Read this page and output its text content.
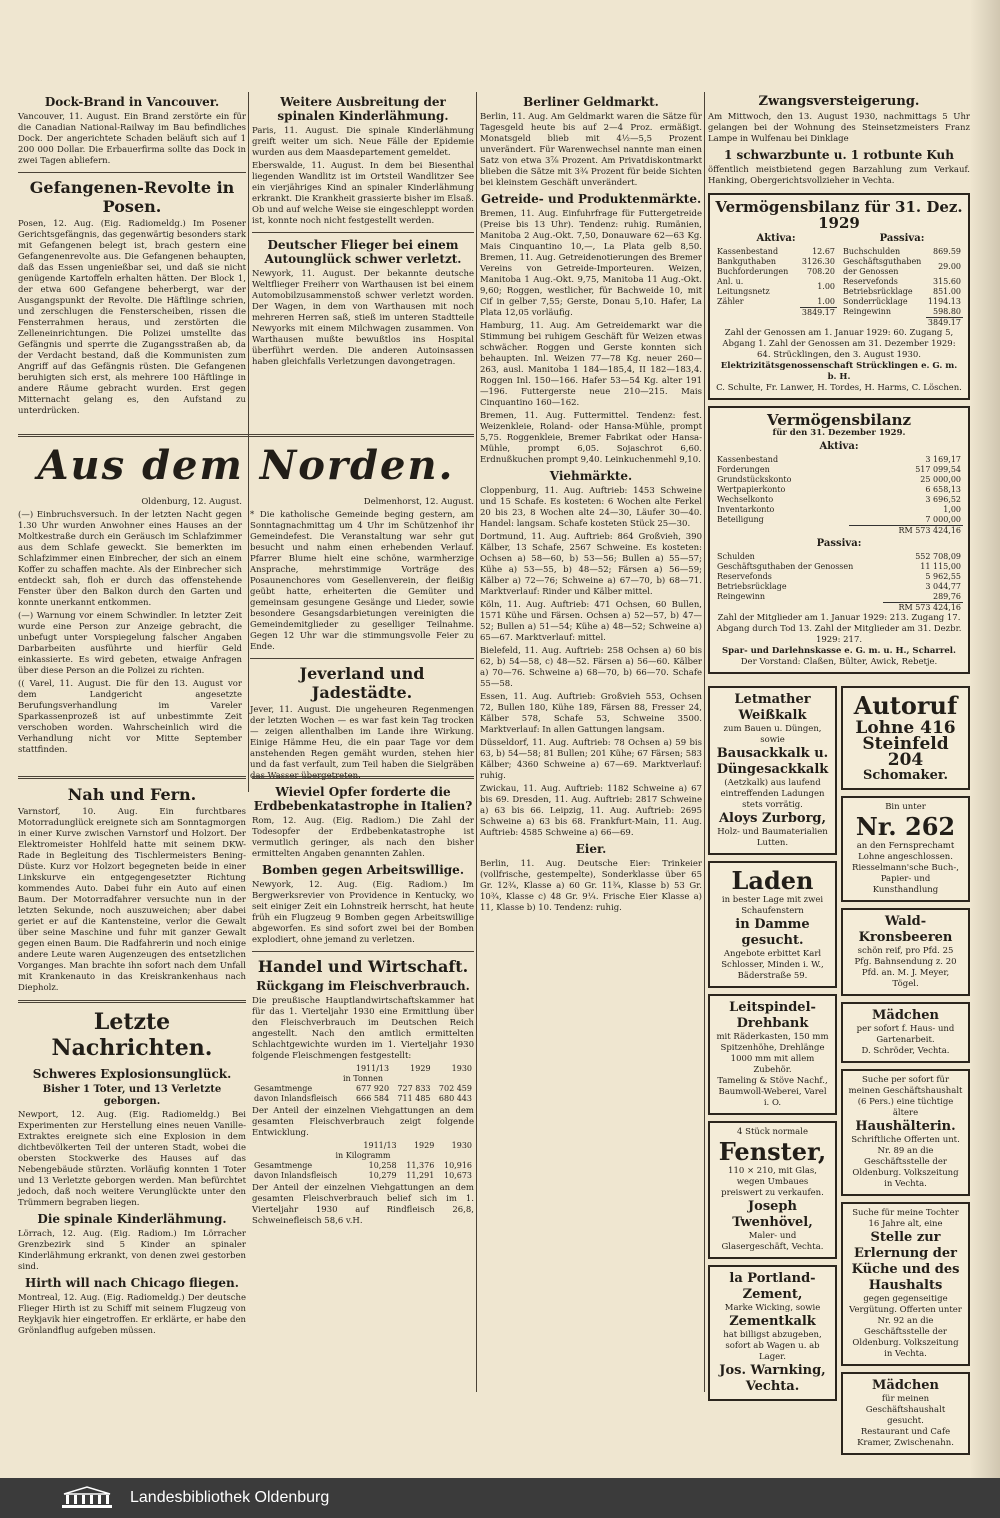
Dock-Brand in Vancouver.
Vancouver, 11. August. Ein Brand zerstörte ein für die Canadian National-Railway im Bau befindliches Dock. Der angerichtete Schaden beläuft sich auf 1 200 000 Dollar. Die Erbauerfirma sollte das Dock in zwei Tagen abliefern.
Gefangenen-Revolte in Posen.
Posen, 12. Aug. (Eig. Radiomeldg.) Im Posener Gerichtsgefängnis, das gegenwärtig besonders stark mit Gefangenen belegt ist, brach gestern eine Gefangenenrevolte aus. Die Gefangenen behaupten, daß das Essen ungenießbar sei, und daß sie nicht genügende Kartoffeln erhalten hätten. Der Block 1, der etwa 600 Gefangene beherbergt, war der Ausgangspunkt der Revolte. Die Häftlinge schrien, und zerschlugen die Fensterscheiben, rissen die Fensterrahmen heraus, und zerstörten die Zelleneinrichtungen. Die Polizei umstellte das Gefängnis und sperrte die Zugangsstraßen ab, da der Verdacht bestand, daß die Kommunisten zum Angriff auf das Gefängnis rüsten. Die Gefangenen beruhigten sich erst, als mehrere 100 Häftlinge in andere Räume gebracht wurden. Erst gegen Mitternacht gelang es, den Aufstand zu unterdrücken.
Weitere Ausbreitung der spinalen Kinderlähmung.
Paris, 11. August. Die spinale Kinderlähmung greift weiter um sich. Neue Fälle der Epidemie wurden aus dem Maasdepartement gemeldet.
Eberswalde, 11. August. In dem bei Biesenthal liegenden Wandlitz ist im Ortsteil Wandlitzer See ein vierjähriges Kind an spinaler Kinderlähmung erkrankt. Die Krankheit grassierte bisher im Elsaß. Ob und auf welche Weise sie eingeschleppt worden ist, konnte noch nicht festgestellt werden.
Deutscher Flieger bei einem Autounglück schwer verletzt.
Newyork, 11. August. Der bekannte deutsche Weltflieger Freiherr von Warthausen ist bei einem Automobilzusammenstoß schwer verletzt worden. Der Wagen, in dem von Warthausen mit noch mehreren Herren saß, stieß im unteren Stadtteile Newyorks mit einem Milchwagen zusammen. Von Warthausen mußte bewußtlos ins Hospital überführt werden. Die anderen Autoinsassen haben gleichfalls Verletzungen davongetragen.
Aus dem Norden.
Oldenburg, 12. August.
(—) Einbruchsversuch. In der letzten Nacht gegen 1.30 Uhr wurden Anwohner eines Hauses an der Moltkestraße durch ein Geräusch im Schlafzimmer aus dem Schlafe geweckt. Sie bemerkten im Schlafzimmer einen Einbrecher, der sich an einem Koffer zu schaffen machte. Als der Einbrecher sich entdeckt sah, floh er durch das offenstehende Fenster über den Balkon durch den Garten und konnte unerkannt entkommen.
(—) Warnung vor einem Schwindler. In letzter Zeit wurde eine Person zur Anzeige gebracht, die unbefugt unter Vorspiegelung falscher Angaben Darbarbeiten ausführte und hierfür Geld einkassierte. Es wird gebeten, etwaige Anfragen über diese Person an die Polizei zu richten.
(( Varel, 11. August. Die für den 13. August vor dem Landgericht angesetzte Berufungsverhandlung im Vareler Sparkassenprozeß ist auf unbestimmte Zeit verschoben worden. Wahrscheinlich wird die Verhandlung nicht vor Mitte September stattfinden.
Delmenhorst, 12. August.
* Die katholische Gemeinde beging gestern, am Sonntagnachmittag um 4 Uhr im Schützenhof ihr Gemeindefest. Die Veranstaltung war sehr gut besucht und nahm einen erhebenden Verlauf. Pfarrer Blume hielt eine schöne, warmherzige Ansprache, mehrstimmige Vorträge des Posaunenchores vom Gesellenverein, der fleißig geübt hatte, erheiterten die Gemüter und gemeinsam gesungene Gesänge und Lieder, sowie besondere Gesangsdarbietungen vereinigten die Gemeindemitglieder zu geselliger Teilnahme. Gegen 12 Uhr war die stimmungsvolle Feier zu Ende.
Jeverland und Jadestädte.
Jever, 11. August. Die ungeheuren Regenmengen der letzten Wochen — es war fast kein Tag trocken — zeigen allenthalben im Lande ihre Wirkung. Einige Hämme Heu, die ein paar Tage vor dem anstehenden Regen gemäht wurden, stehen hier und da fast verfault, zum Teil haben die Sielgräben das Wasser übergetreten.
Nah und Fern.
Varnstorf, 10. Aug. Ein furchtbares Motorradunglück ereignete sich am Sonntagmorgen in einer Kurve zwischen Varnstorf und Holzort. Der Elektromeister Hohlfeld hatte mit seinem DKW-Rade in Begleitung des Tischlermeisters Bening-Düste. Kurz vor Holzort begegneten beide in einer Linkskurve ein entgegengesetzter Richtung kommendes Auto. Dabei fuhr ein Auto auf einen Baum. Der Motorradfahrer versuchte nun in der letzten Sekunde, noch auszuweichen; aber dabei geriet er auf die Kantensteine, verlor die Gewalt über seine Maschine und fuhr mit ganzer Gewalt gegen einen Baum. Die Radfahrerin und noch einige andere Leute waren Augenzeugen des entsetzlichen Vorganges. Man brachte ihn sofort nach dem Unfall mit Krankenauto in das Kreiskrankenhaus nach Diepholz.
Letzte Nachrichten.
Schweres Explosionsunglück.
Bisher 1 Toter, und 13 Verletzte geborgen.
Newport, 12. Aug. (Eig. Radiomeldg.) Bei Experimenten zur Herstellung eines neuen Vanille-Extraktes ereignete sich eine Explosion in dem dichtbevölkerten Teil der unteren Stadt, wobei die obersten Stockwerke des Hauses auf das Nebengebäude stürzten. Vorläufig konnten 1 Toter und 13 Verletzte geborgen werden. Man befürchtet jedoch, daß noch weitere Verunglückte unter den Trümmern begraben liegen.
Die spinale Kinderlähmung.
Lörrach, 12. Aug. (Eig. Radiom.) Im Lörracher Grenzbezirk sind 5 Kinder an spinaler Kinderlähmung erkrankt, von denen zwei gestorben sind.
Hirth will nach Chicago fliegen.
Montreal, 12. Aug. (Eig. Radiomeldg.) Der deutsche Flieger Hirth ist zu Schiff mit seinem Flugzeug von Reykjavik hier eingetroffen. Er erklärte, er habe den Grönlandflug aufgeben müssen.
Wieviel Opfer forderte die Erdbebenkatastrophe in Italien?
Rom, 12. Aug. (Eig. Radiom.) Die Zahl der Todesopfer der Erdbebenkatastrophe ist vermutlich geringer, als nach den bisher ermittelten Angaben genannten Zahlen.
Bomben gegen Arbeitswillige.
Newyork, 12. Aug. (Eig. Radiom.) Im Bergwerksrevier von Providence in Kentucky, wo seit einiger Zeit ein Lohnstreik herrscht, hat heute früh ein Flugzeug 9 Bomben gegen Arbeitswillige abgeworfen. Es sind sofort zwei bei der Bomben explodiert, ohne jemand zu verletzen.
Handel und Wirtschaft.
Rückgang im Fleischverbrauch.
Die preußische Hauptlandwirtschaftskammer hat für das 1. Vierteljahr 1930 eine Ermittlung über den Fleischverbrauch im Deutschen Reich angestellt. Nach den amtlich ermittelten Schlachtgewichte wurden im 1. Vierteljahr 1930 folgende Fleischmengen festgestellt:
	1911/13	1929	1930
in Tonnen			
Gesamtmenge	677 920	727 833	702 459
davon Inlandsfleisch	666 584	711 485	680 443
Der Anteil der einzelnen Viehgattungen an dem gesamten Fleischverbrauch zeigt folgende Entwicklung.
	1911/13	1929	1930
in Kilogramm			
Gesamtmenge	10,258	11,376	10,916
davon Inlandsfleisch	10,279	11,291	10,673
Der Anteil der einzelnen Viehgattungen an dem gesamten Fleischverbrauch belief sich im 1. Vierteljahr 1930 auf Rindfleisch 26,8, Schweinefleisch 58,6 v.H.
Berliner Geldmarkt.
Berlin, 11. Aug. Am Geldmarkt waren die Sätze für Tagesgeld heute bis auf 2—4 Proz. ermäßigt. Monatsgeld blieb mit 4½—5,5 Prozent unverändert. Für Warenwechsel nannte man einen Satz von etwa 3⅞ Prozent. Am Privatdiskontmarkt blieben die Sätze mit 3¾ Prozent für beide Sichten bei kleinstem Geschäft unverändert.
Getreide- und Produktenmärkte.
Bremen, 11. Aug. Einfuhrfrage für Futtergetreide (Preise bis 13 Uhr). Tendenz: ruhig. Rumänien, Manitoba 2 Aug.-Okt. 7,50, Donauware 62—63 Kg. Mais Cinquantino 10,—, La Plata gelb 8,50. Bremen, 11. Aug. Getreidenotierungen des Bremer Vereins von Getreide-Importeuren. Weizen, Manitoba 1 Aug.-Okt. 9,75, Manitoba 11 Aug.-Okt. 9,60; Roggen, westlicher, für Bachweide 10, mit Cif in gelber 7,55; Gerste, Donau 5,10. Hafer, La Plata 12,05 vorläufig.
Hamburg, 11. Aug. Am Getreidemarkt war die Stimmung bei ruhigem Geschäft für Weizen etwas schwächer. Roggen und Gerste konnten sich behaupten. Inl. Weizen 77—78 Kg. neuer 260—263, ausl. Manitoba 1 184—185,4, II 182—183,4. Roggen Inl. 150—166. Hafer 53—54 Kg. alter 191—196. Futtergerste neue 210—215. Mais Cinquantino 160—162.
Bremen, 11. Aug. Futtermittel. Tendenz: fest. Weizenkleie, Roland- oder Hansa-Mühle, prompt 5,75. Roggenkleie, Bremer Fabrikat oder Hansa-Mühle, prompt 6,05. Sojaschrot 6,60. Erdnußkuchen prompt 9,40. Leinkuchenmehl 9,10.
Viehmärkte.
Cloppenburg, 11. Aug. Auftrieb: 1453 Schweine und 15 Schafe. Es kosteten: 6 Wochen alte Ferkel 20 bis 23, 8 Wochen alte 24—30, Läufer 30—40. Handel: langsam. Schafe kosteten Stück 25—30.
Dortmund, 11. Aug. Auftrieb: 864 Großvieh, 390 Kälber, 13 Schafe, 2567 Schweine. Es kosteten: Ochsen a) 58—60, b) 53—56; Bullen a) 55—57; Kühe a) 53—55, b) 48—52; Färsen a) 56—59; Kälber a) 72—76; Schweine a) 67—70, b) 68—71. Marktverlauf: Rinder und Kälber mittel.
Köln, 11. Aug. Auftrieb: 471 Ochsen, 60 Bullen, 1571 Kühe und Färsen. Ochsen a) 52—57, b) 47—52; Bullen a) 51—54; Kühe a) 48—52; Schweine a) 65—67. Marktverlauf: mittel.
Bielefeld, 11. Aug. Auftrieb: 258 Ochsen a) 60 bis 62, b) 54—58, c) 48—52. Färsen a) 56—60. Kälber a) 70—76. Schweine a) 68—70, b) 66—70. Schafe 55—58.
Essen, 11. Aug. Auftrieb: Großvieh 553, Ochsen 72, Bullen 180, Kühe 189, Färsen 88, Fresser 24, Kälber 578, Schafe 53, Schweine 3500. Marktverlauf: In allen Gattungen langsam.
Düsseldorf, 11. Aug. Auftrieb: 78 Ochsen a) 59 bis 63, b) 54—58; 81 Bullen; 201 Kühe; 67 Färsen; 583 Kälber; 4360 Schweine a) 67—69. Marktverlauf: ruhig.
Zwickau, 11. Aug. Auftrieb: 1182 Schweine a) 67 bis 69. Dresden, 11. Aug. Auftrieb: 2817 Schweine a) 63 bis 66. Leipzig, 11. Aug. Auftrieb: 2695 Schweine a) 63 bis 68. Frankfurt-Main, 11. Aug. Auftrieb: 4585 Schweine a) 66—69.
Eier.
Berlin, 11. Aug. Deutsche Eier: Trinkeier (vollfrische, gestempelte), Sonderklasse über 65 Gr. 12¾, Klasse a) 60 Gr. 11¾, Klasse b) 53 Gr. 10¾, Klasse c) 48 Gr. 9¼. Frische Eier Klasse a) 11, Klasse b) 10. Tendenz: ruhig.
Zwangsversteigerung.
Am Mittwoch, den 13. August 1930, nachmittags 5 Uhr gelangen bei der Wohnung des Steinsetzmeisters Franz Lampe in Wulfenau bei Dinklage
1 schwarzbunte u. 1 rotbunte Kuh
öffentlich meistbietend gegen Barzahlung zum Verkauf. Hanking, Obergerichtsvollzieher in Vechta.
Vermögensbilanz für 31. Dez. 1929
Aktiva:
Kassenbestand	12.67
Bankguthaben	3126.30
Buchforderungen	708.20
Anl. u. Leitungsnetz	1.00
Zähler	1.00
	3849.17
Passiva:
Buchschulden	869.59
Geschäftsguthaben der Genossen	29.00
Reservefonds	315.60
Betriebsrücklage	851.00
Sonderrücklage	1194.13
Reingewinn	598.80
	3849.17
Zahl der Genossen am 1. Januar 1929: 60. Zugang 5, Abgang 1. Zahl der Genossen am 31. Dezember 1929: 64. Strücklingen, den 3. August 1930.
Elektrizitätsgenossenschaft Strücklingen e. G. m. b. H.
C. Schulte, Fr. Lanwer, H. Tordes, H. Harms, C. Löschen.
Vermögensbilanz
für den 31. Dezember 1929.
Aktiva:
Kassenbestand	3 169,17
Forderungen	517 099,54
Grundstückskonto	25 000,00
Wertpapierkonto	6 658,13
Wechselkonto	3 696,52
Inventarkonto	1,00
Beteiligung	7 000,00
	RM 573 424,16
Passiva:
Schulden	552 708,09
Geschäftsguthaben der Genossen	11 115,00
Reservefonds	5 962,55
Betriebsrücklage	3 044,77
Reingewinn	289,76
	RM 573 424,16
Zahl der Mitglieder am 1. Januar 1929: 213. Zugang 17. Abgang durch Tod 13. Zahl der Mitglieder am 31. Dezbr. 1929: 217.
Spar- und Darlehnskasse e. G. m. u. H., Scharrel.
Der Vorstand: Claßen, Bülter, Awick, Rebetje.
Letmather Weißkalk
zum Bauen u. Düngen, sowie
Bausackkalk u. Düngesackkalk
(Aetzkalk) aus laufend eintreffenden Ladungen stets vorrätig.
Aloys Zurborg,
Holz- und Baumaterialien Lutten.
Laden
in bester Lage mit zwei Schaufenstern
in Damme gesucht.
Angebote erbittet Karl Schlosser, Minden i. W., Bäderstraße 59.
Leitspindel-Drehbank
mit Räderkasten, 150 mm Spitzenhöhe, Drehlänge 1000 mm mit allem Zubehör.
Tameling & Stöve Nachf., Baumwoll-Weberei, Varel i. O.
4 Stück normale
Fenster,
110 × 210, mit Glas, wegen Umbaues preiswert zu verkaufen.
Joseph Twenhövel,
Maler- und Glasergeschäft, Vechta.
la Portland-Zement,
Marke Wicking, sowie
Zementkalk
hat billigst abzugeben, sofort ab Wagen u. ab Lager.
Jos. Warnking, Vechta.
Autoruf
Lohne 416
Steinfeld 204
Schomaker.
Bin unter
Nr. 262
an den Fernsprechamt Lohne angeschlossen. Riesselmann'sche Buch-, Papier- und Kunsthandlung
Wald-Kronsbeeren
schön reif, pro Pfd. 25 Pfg. Bahnsendung z. 20 Pfd. an. M. J. Meyer, Tögel.
Mädchen
per sofort f. Haus- und Gartenarbeit.
D. Schröder, Vechta.
Suche per sofort für meinen Geschäftshaushalt (6 Pers.) eine tüchtige ältere
Haushälterin.
Schriftliche Offerten unt. Nr. 89 an die Geschäftsstelle der Oldenburg. Volkszeitung in Vechta.
Suche für meine Tochter 16 Jahre alt, eine
Stelle zur Erlernung der Küche und des Haushalts
gegen gegenseitige Vergütung. Offerten unter Nr. 92 an die Geschäftsstelle der Oldenburg. Volkszeitung in Vechta.
Mädchen
für meinen Geschäftshaushalt gesucht.
Restaurant und Cafe Kramer, Zwischenahn.
Landesbibliothek Oldenburg
